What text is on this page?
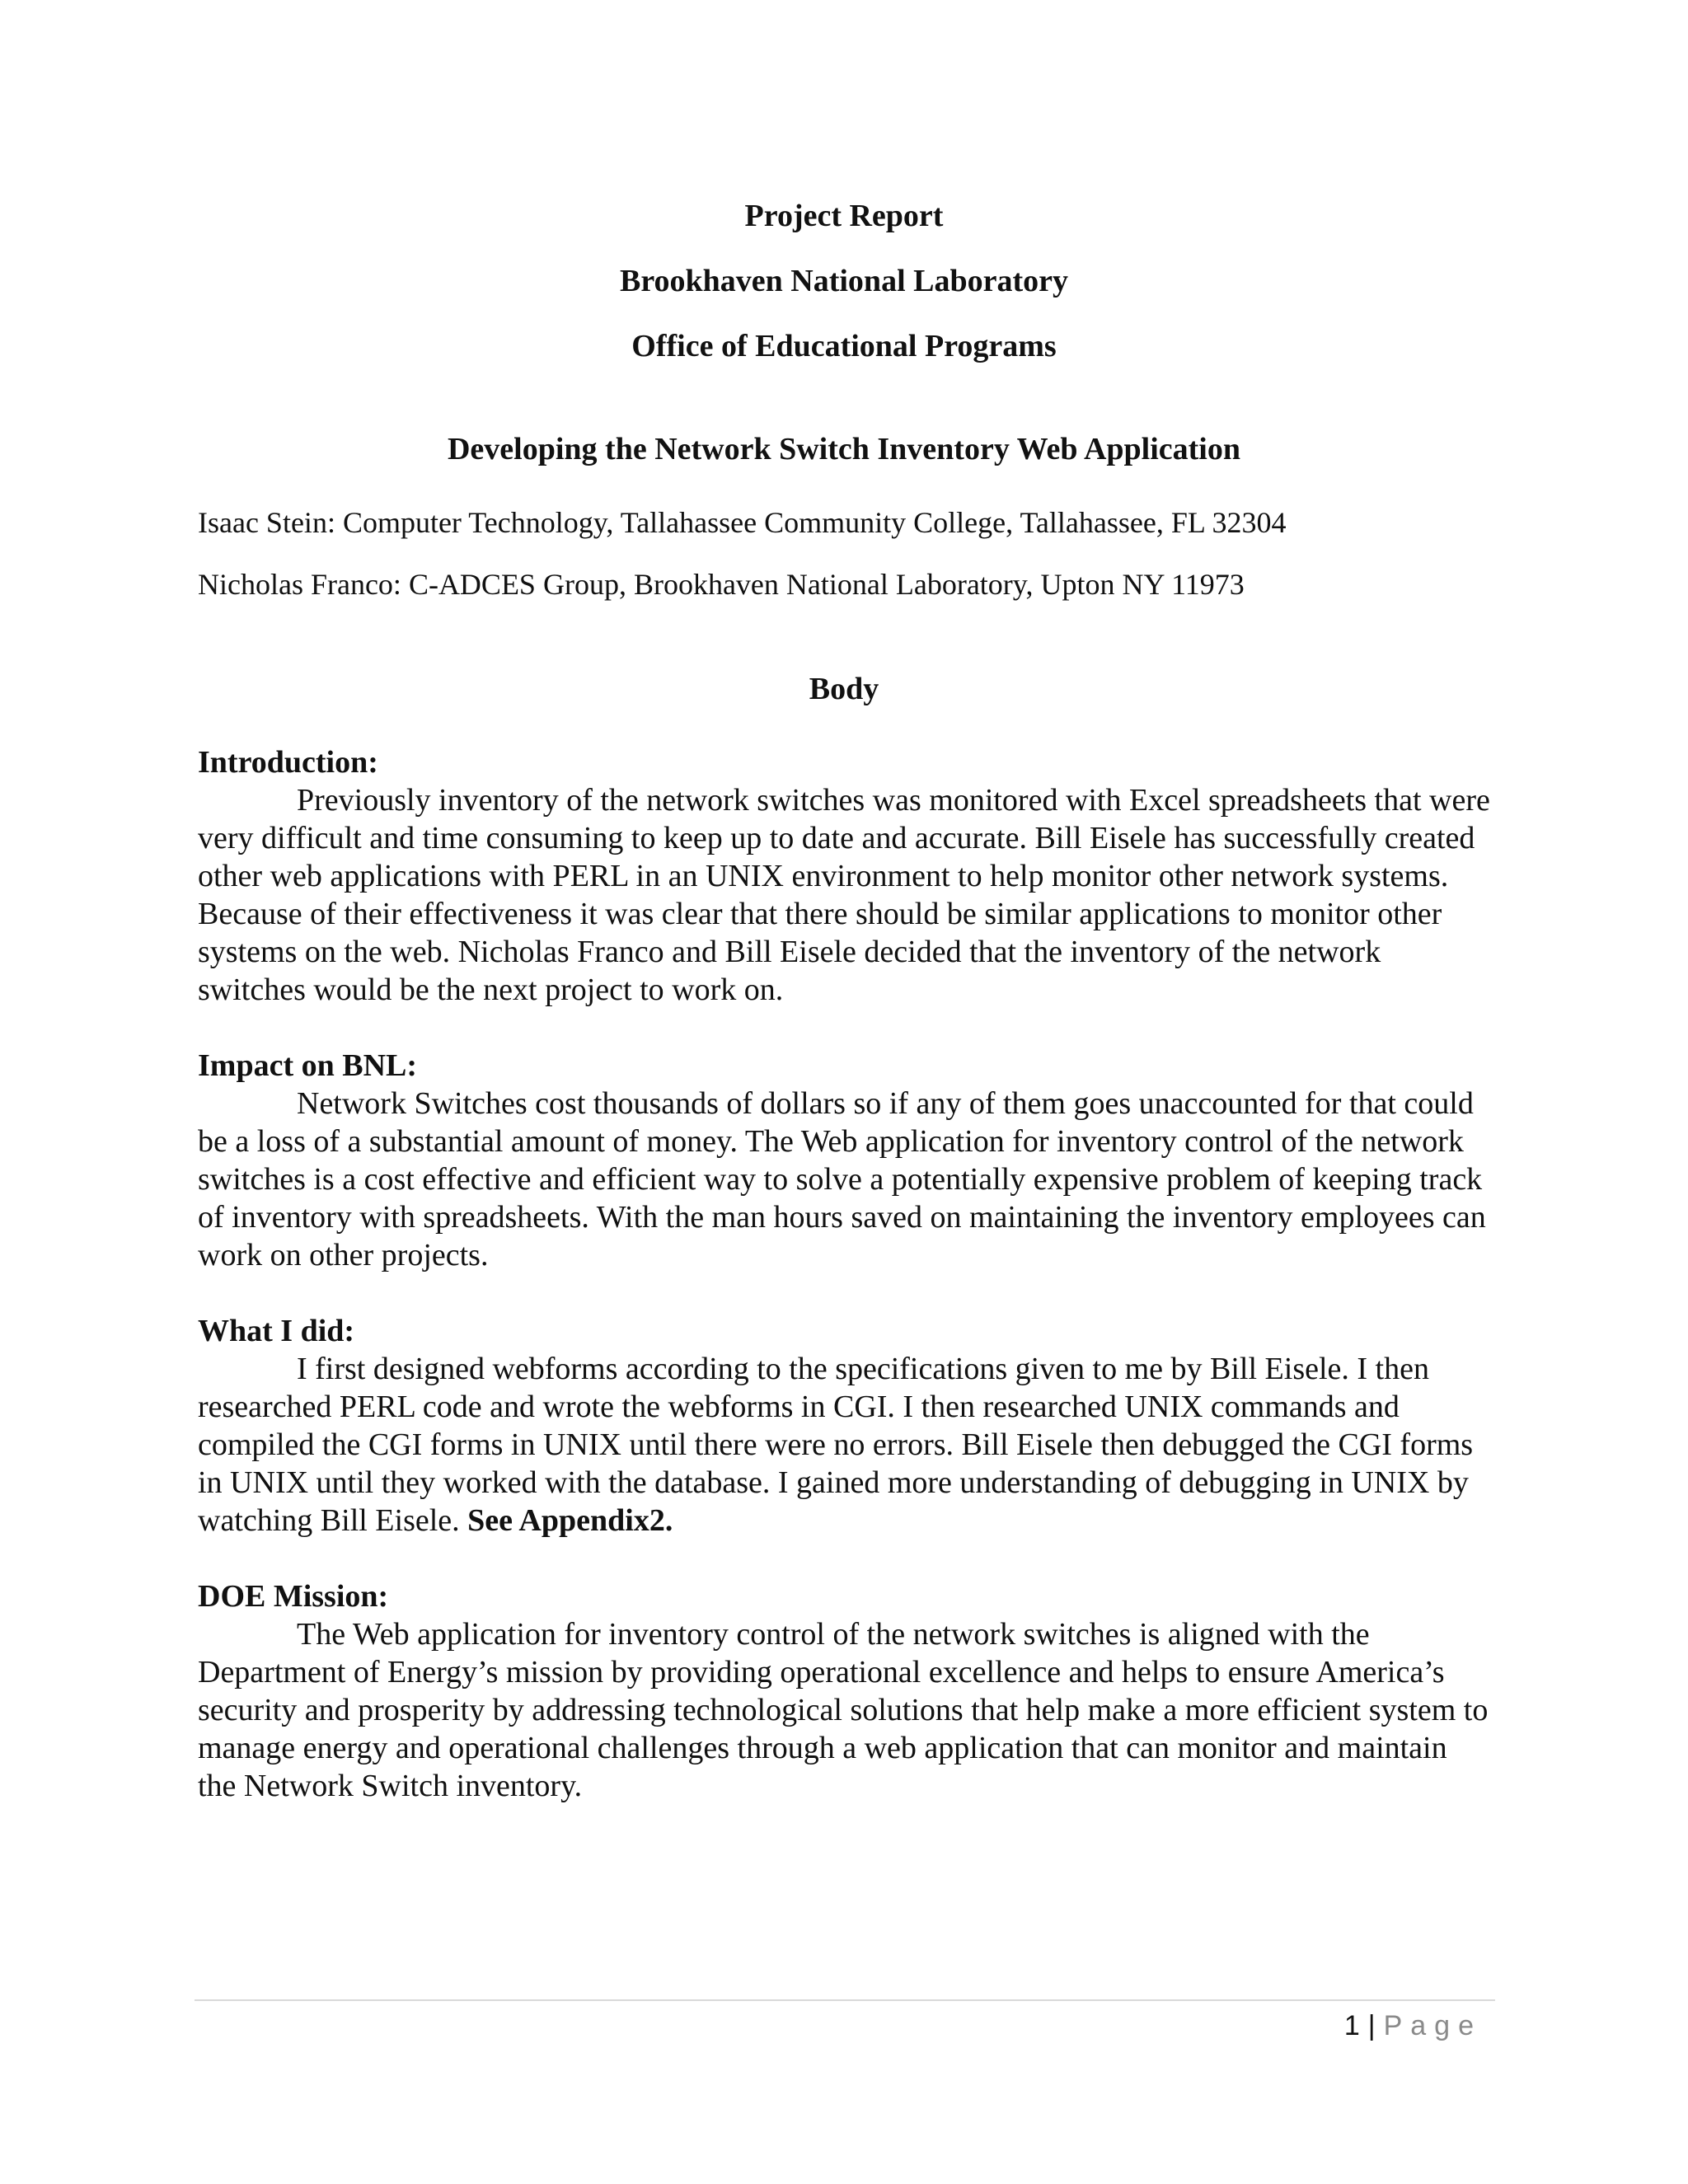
Project Report
Brookhaven National Laboratory
Office of Educational Programs
Developing the Network Switch Inventory Web Application
Isaac Stein: Computer Technology, Tallahassee Community College, Tallahassee, FL 32304
Nicholas Franco: C-ADCES Group, Brookhaven National Laboratory, Upton NY 11973
Body
Introduction:

Previously inventory of the network switches was monitored with Excel spreadsheets that were very difficult and time consuming to keep up to date and accurate. Bill Eisele has successfully created other web applications with PERL in an UNIX environment to help monitor other network systems. Because of their effectiveness it was clear that there should be similar applications to monitor other systems on the web. Nicholas Franco and Bill Eisele decided that the inventory of the network switches would be the next project to work on.

Impact on BNL:

Network Switches cost thousands of dollars so if any of them goes unaccounted for that could be a loss of a substantial amount of money. The Web application for inventory control of the network switches is a cost effective and efficient way to solve a potentially expensive problem of keeping track of inventory with spreadsheets. With the man hours saved on maintaining the inventory employees can work on other projects.

What I did:

I first designed webforms according to the specifications given to me by Bill Eisele. I then researched PERL code and wrote the webforms in CGI. I then researched UNIX commands and compiled the CGI forms in UNIX until there were no errors. Bill Eisele then debugged the CGI forms in UNIX until they worked with the database. I gained more understanding of debugging in UNIX by watching Bill Eisele. See Appendix2.

DOE Mission:

The Web application for inventory control of the network switches is aligned with the Department of Energy’s mission by providing operational excellence and helps to ensure America’s security and prosperity by addressing technological solutions that help make a more efficient system to manage energy and operational challenges through a web application that can monitor and maintain the Network Switch inventory.

1 | Page
